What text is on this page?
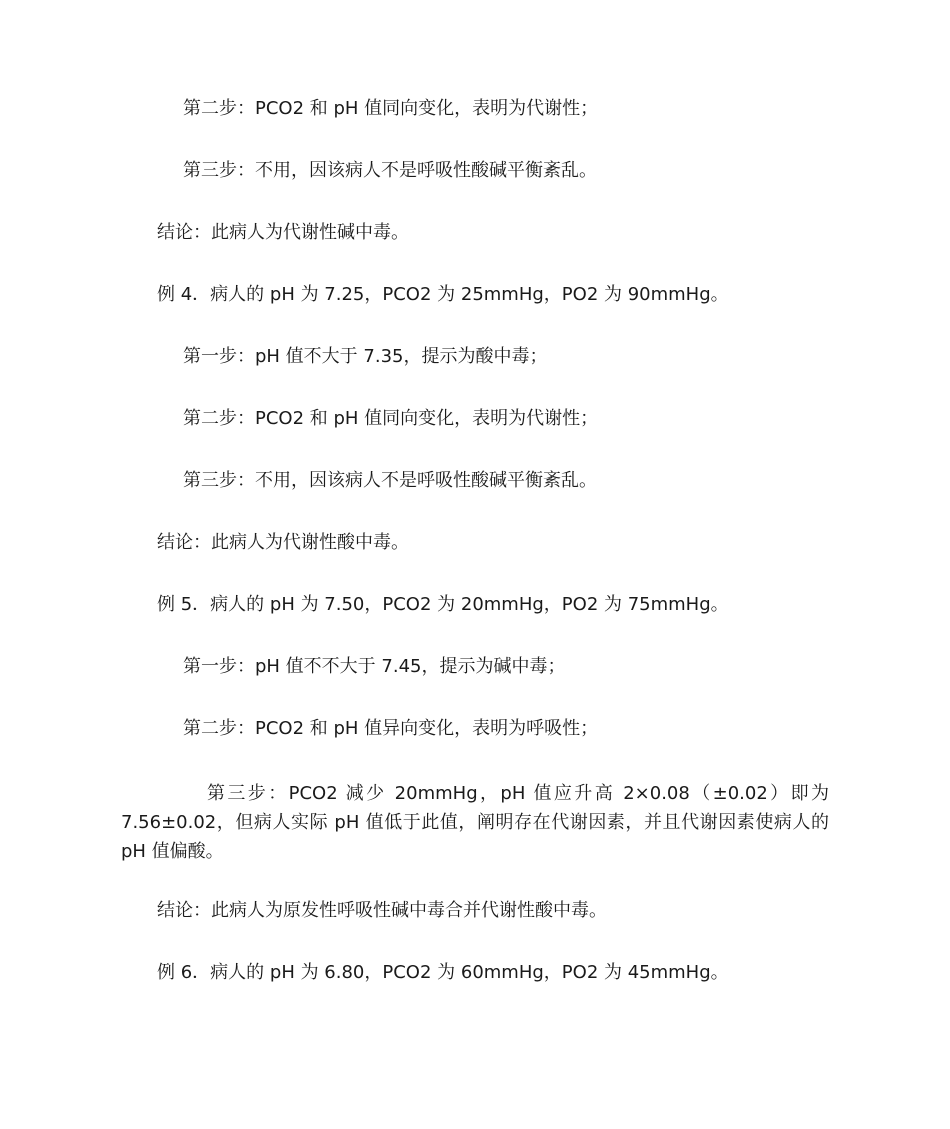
第二步：PCO2 和 pH 值同向变化，表明为代谢性；
第三步：不用，因该病人不是呼吸性酸碱平衡紊乱。
结论：此病人为代谢性碱中毒。
例 4．病人的 pH 为 7.25，PCO2 为 25mmHg，PO2 为 90mmHg。
第一步：pH 值不大于 7.35，提示为酸中毒；
第二步：PCO2 和 pH 值同向变化，表明为代谢性；
第三步：不用，因该病人不是呼吸性酸碱平衡紊乱。
结论：此病人为代谢性酸中毒。
例 5．病人的 pH 为 7.50，PCO2 为 20mmHg，PO2 为 75mmHg。
第一步：pH 值不不大于 7.45，提示为碱中毒；
第二步：PCO2 和 pH 值异向变化，表明为呼吸性；
第三步：PCO2 减少 20mmHg，pH 值应升高 2×0.08（±0.02）即为 7.56±0.02，但病人实际 pH 值低于此值，阐明存在代谢因素，并且代谢因素使病人的 pH 值偏酸。
结论：此病人为原发性呼吸性碱中毒合并代谢性酸中毒。
例 6．病人的 pH 为 6.80，PCO2 为 60mmHg，PO2 为 45mmHg。
